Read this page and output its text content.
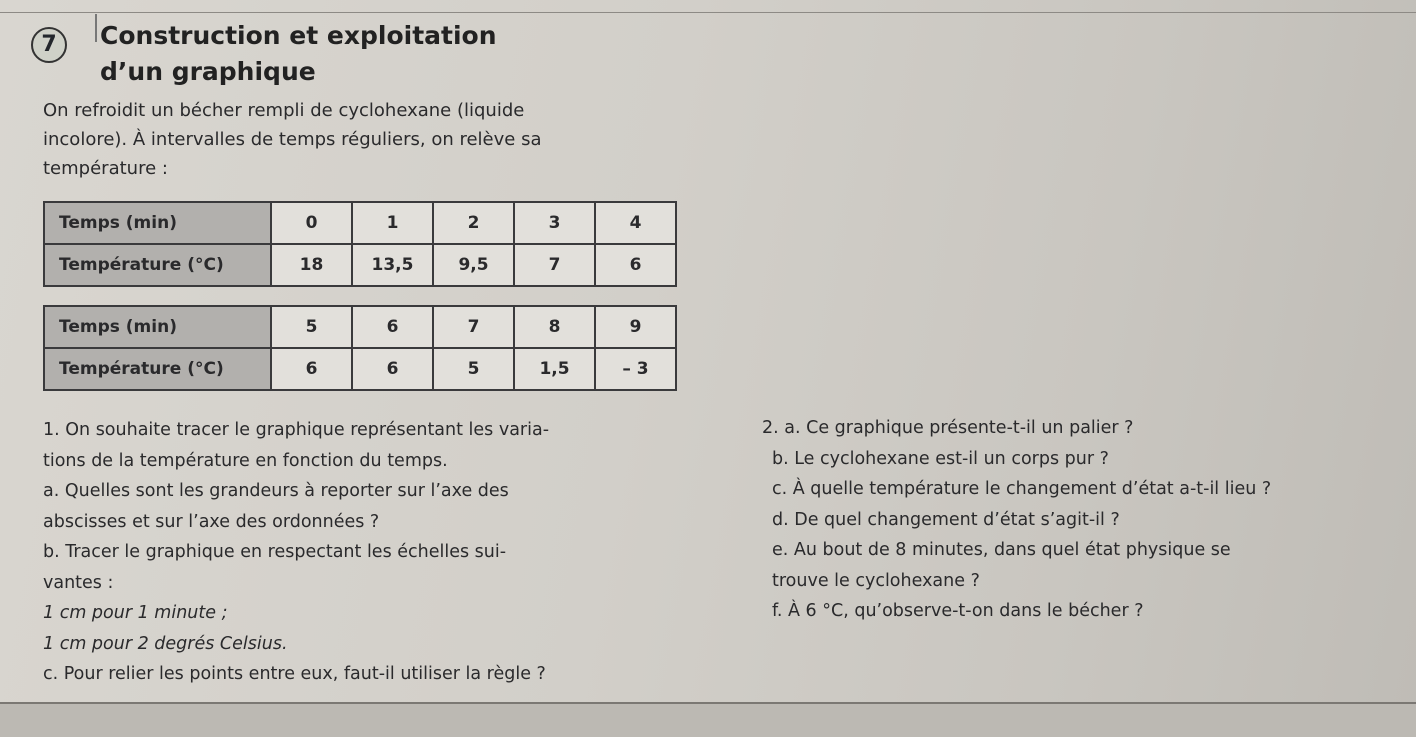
7	Construction et exploitation
d’un graphique
On refroidit un bécher rempli de cyclohexane (liquide
incolore). À intervalles de temps réguliers, on relève sa
température :
Temps (min)	0	1	2	3	4
Température (°C)	18	13,5	9,5	7	6
Temps (min)	5	6	7	8	9
Température (°C)	6	6	5	1,5	– 3
1. On souhaite tracer le graphique représentant les varia-
tions de la température en fonction du temps.
a. Quelles sont les grandeurs à reporter sur l’axe des
abscisses et sur l’axe des ordonnées ?
b. Tracer le graphique en respectant les échelles sui-
vantes :
1 cm pour 1 minute ;
1 cm pour 2 degrés Celsius.
c. Pour relier les points entre eux, faut-il utiliser la règle ?
2. a. Ce graphique présente-t-il un palier ?
b. Le cyclohexane est-il un corps pur ?
c. À quelle température le changement d’état a-t-il lieu ?
d. De quel changement d’état s’agit-il ?
e. Au bout de 8 minutes, dans quel état physique se
trouve le cyclohexane ?
f. À 6 °C, qu’observe-t-on dans le bécher ?
